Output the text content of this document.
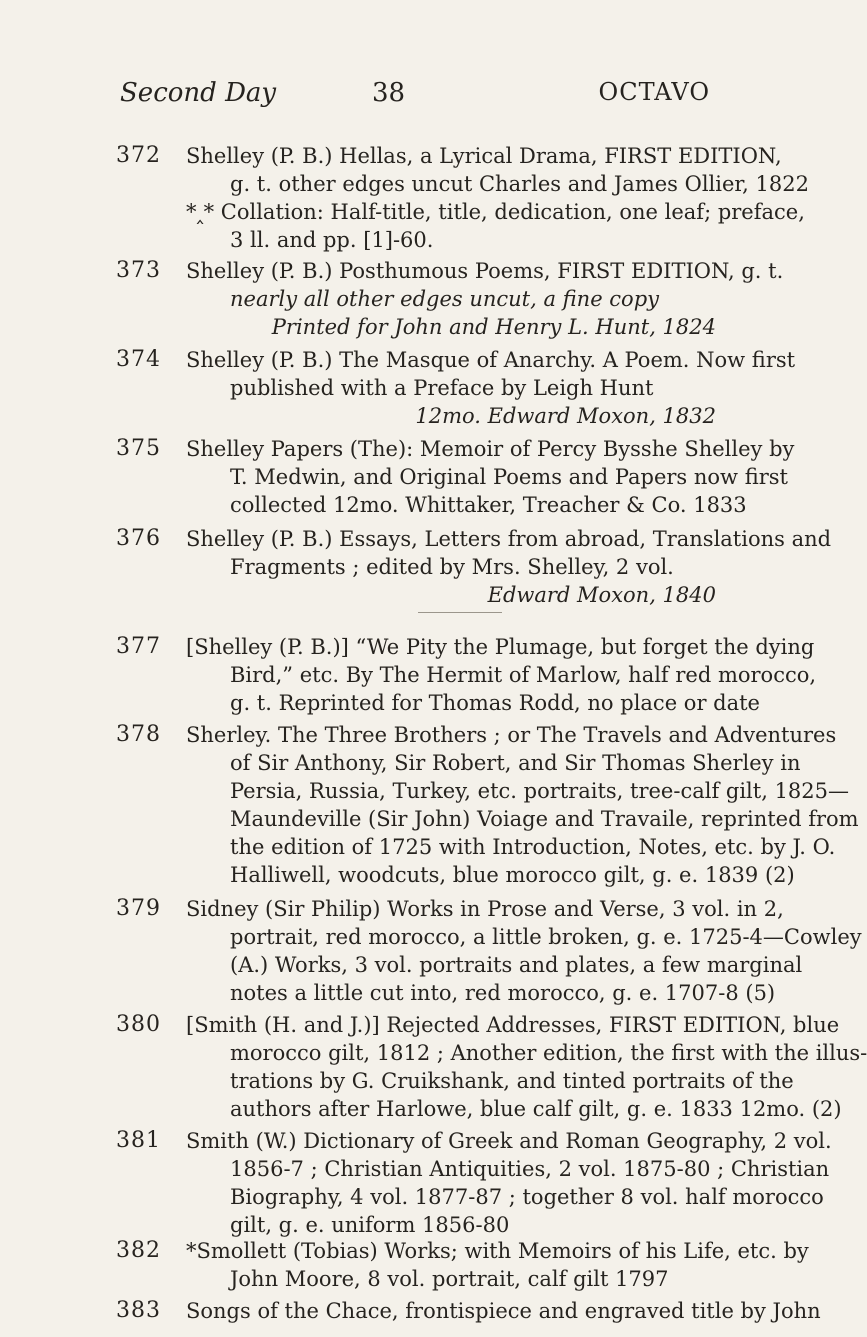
Second Day	38	OCTAVO
372	Shelley (P. B.) Hellas, a Lyrical Drama, FIRST EDITION,
g. t. other edges uncut Charles and James Ollier, 1822
*‸* Collation: Half-title, title, dedication, one leaf; preface,
3 ll. and pp. [1]-60.
373	Shelley (P. B.) Posthumous Poems, FIRST EDITION, g. t.
nearly all other edges uncut, a fine copy
Printed for John and Henry L. Hunt, 1824
374	Shelley (P. B.) The Masque of Anarchy. A Poem. Now first
published with a Preface by Leigh Hunt
12mo. Edward Moxon, 1832
375	Shelley Papers (The): Memoir of Percy Bysshe Shelley by
T. Medwin, and Original Poems and Papers now first
collected 12mo. Whittaker, Treacher & Co. 1833
376	Shelley (P. B.) Essays, Letters from abroad, Translations and
Fragments ; edited by Mrs. Shelley, 2 vol.
Edward Moxon, 1840
377	[Shelley (P. B.)] “We Pity the Plumage, but forget the dying
Bird,” etc. By The Hermit of Marlow, half red morocco,
g. t. Reprinted for Thomas Rodd, no place or date
378	Sherley. The Three Brothers ; or The Travels and Adventures
of Sir Anthony, Sir Robert, and Sir Thomas Sherley in
Persia, Russia, Turkey, etc. portraits, tree-calf gilt, 1825—
Maundeville (Sir John) Voiage and Travaile, reprinted from
the edition of 1725 with Introduction, Notes, etc. by J. O.
Halliwell, woodcuts, blue morocco gilt, g. e. 1839 (2)
379	Sidney (Sir Philip) Works in Prose and Verse, 3 vol. in 2,
portrait, red morocco, a little broken, g. e. 1725-4—Cowley
(A.) Works, 3 vol. portraits and plates, a few marginal
notes a little cut into, red morocco, g. e. 1707-8 (5)
380	[Smith (H. and J.)] Rejected Addresses, FIRST EDITION, blue
morocco gilt, 1812 ; Another edition, the first with the illus-
trations by G. Cruikshank, and tinted portraits of the
authors after Harlowe, blue calf gilt, g. e. 1833 12mo. (2)
381	Smith (W.) Dictionary of Greek and Roman Geography, 2 vol.
1856-7 ; Christian Antiquities, 2 vol. 1875-80 ; Christian
Biography, 4 vol. 1877-87 ; together 8 vol. half morocco
gilt, g. e. uniform 1856-80
382	*Smollett (Tobias) Works; with Memoirs of his Life, etc. by
John Moore, 8 vol. portrait, calf gilt 1797
383	Songs of the Chace, frontispiece and engraved title by John
